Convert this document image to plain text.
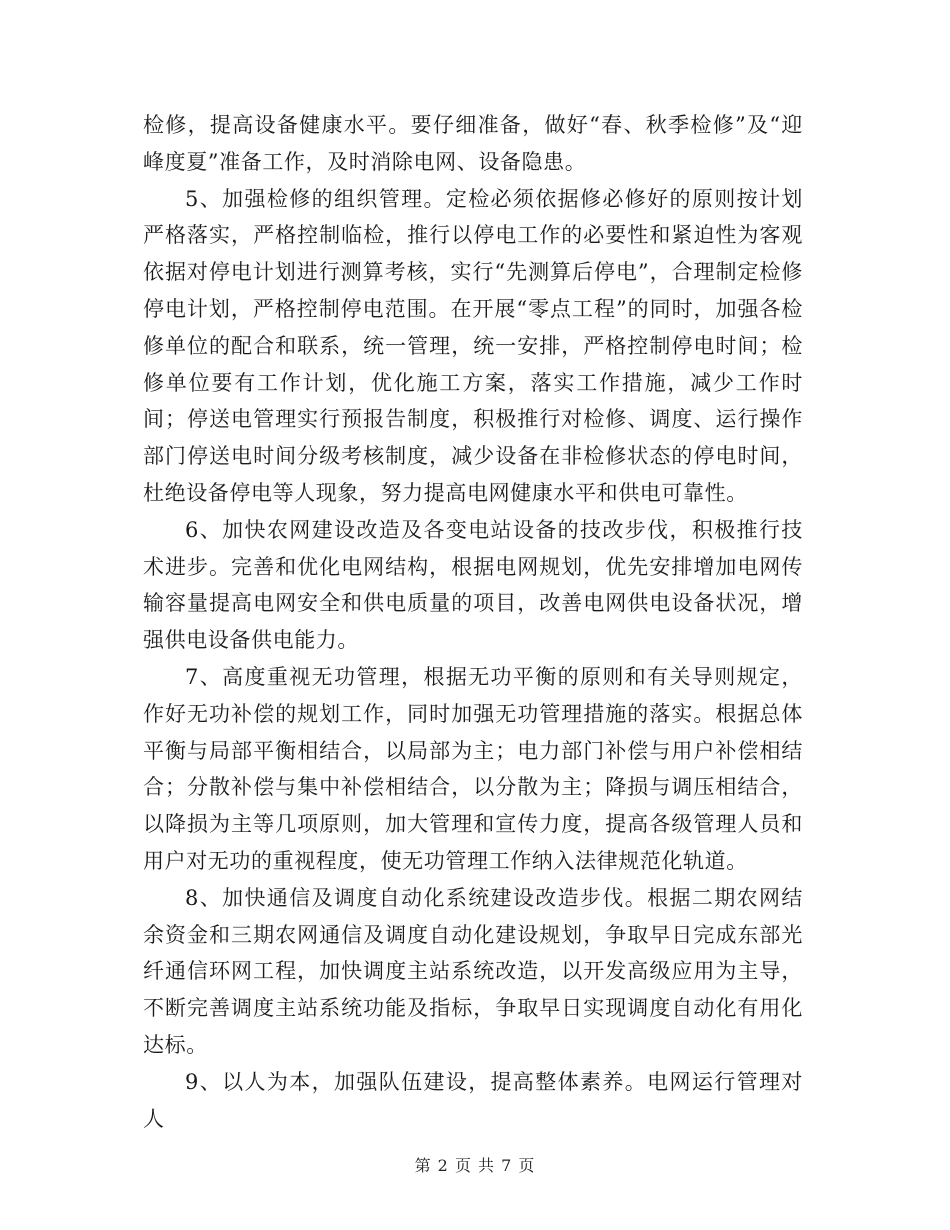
检修，提高设备健康水平。要仔细准备，做好“春、秋季检修”及“迎峰度夏”准备工作，及时消除电网、设备隐患。

5、加强检修的组织管理。定检必须依据修必修好的原则按计划严格落实，严格控制临检，推行以停电工作的必要性和紧迫性为客观依据对停电计划进行测算考核，实行“先测算后停电”，合理制定检修停电计划，严格控制停电范围。在开展“零点工程”的同时，加强各检修单位的配合和联系，统一管理，统一安排，严格控制停电时间；检修单位要有工作计划，优化施工方案，落实工作措施，减少工作时间；停送电管理实行预报告制度，积极推行对检修、调度、运行操作部门停送电时间分级考核制度，减少设备在非检修状态的停电时间，杜绝设备停电等人现象，努力提高电网健康水平和供电可靠性。

6、加快农网建设改造及各变电站设备的技改步伐，积极推行技术进步。完善和优化电网结构，根据电网规划，优先安排增加电网传输容量提高电网安全和供电质量的项目，改善电网供电设备状况，增强供电设备供电能力。

7、高度重视无功管理，根据无功平衡的原则和有关导则规定，作好无功补偿的规划工作，同时加强无功管理措施的落实。根据总体平衡与局部平衡相结合，以局部为主；电力部门补偿与用户补偿相结合；分散补偿与集中补偿相结合，以分散为主；降损与调压相结合，以降损为主等几项原则，加大管理和宣传力度，提高各级管理人员和用户对无功的重视程度，使无功管理工作纳入法律规范化轨道。

8、加快通信及调度自动化系统建设改造步伐。根据二期农网结余资金和三期农网通信及调度自动化建设规划，争取早日完成东部光纤通信环网工程，加快调度主站系统改造，以开发高级应用为主导，不断完善调度主站系统功能及指标，争取早日实现调度自动化有用化达标。

9、以人为本，加强队伍建设，提高整体素养。电网运行管理对人

第 2 页 共 7 页
